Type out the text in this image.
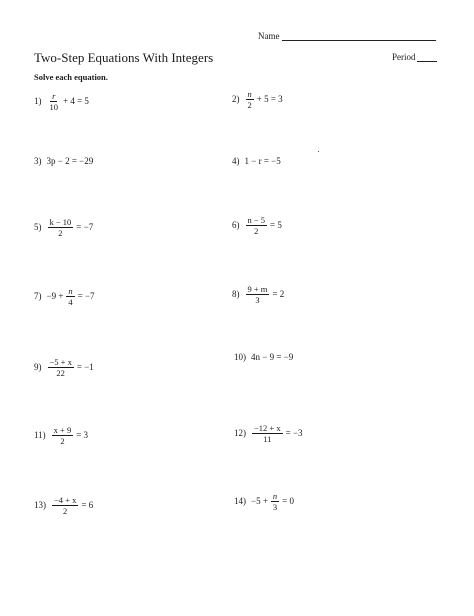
Name
Two-Step Equations With Integers	Period
Solve each equation.
$1) \frac{r}{10} + 4 = 5$	$2) \frac{n}{2} + 5 = 3$
3) 3p − 2 = −29	4) 1 − r = −5
$5) \frac{k - 10}{2} = -7$	$6) \frac{n - 5}{2} = 5$
$7) -9 + \frac{n}{4} = -7$	$8) \frac{9 + m}{3} = 2$
$9) \frac{-5 + x}{22} = -1$
10) 4n − 9 = −9
$11) \frac{x + 9}{2} = 3$	$12) \frac{-12 + x}{11} = -3$
$13) \frac{-4 + x}{2} = 6$	$14) -5 + \frac{n}{3} = 0$
